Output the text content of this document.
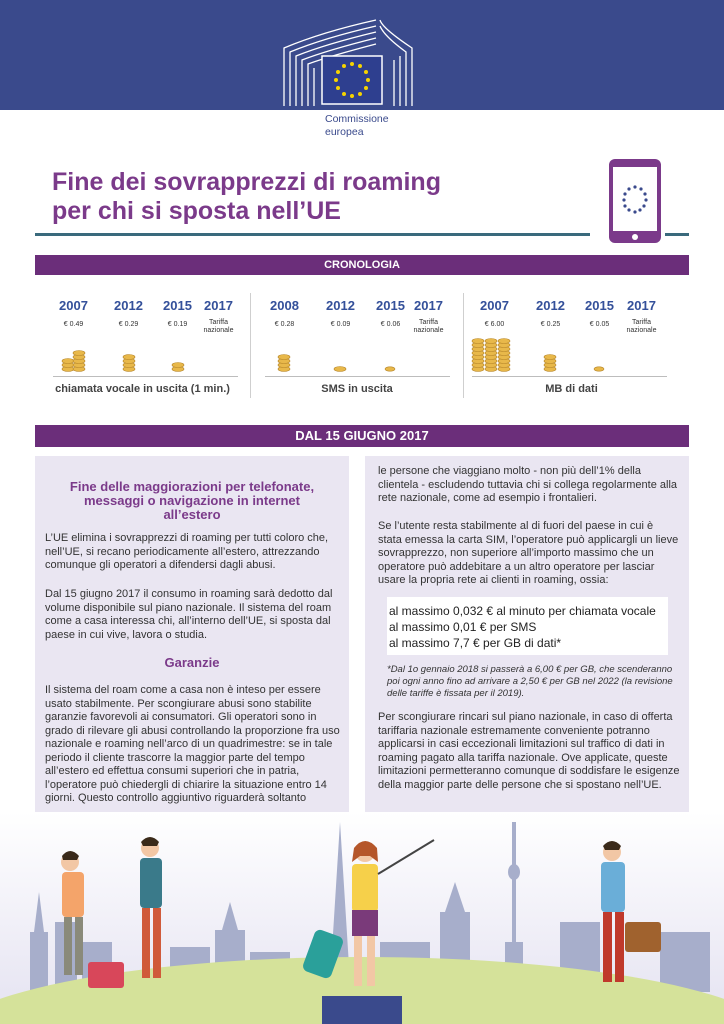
Commissione
europea
Fine dei sovrapprezzi di roaming
per chi si sposta nell’UE
CRONOLOGIA
2007	2012	2015 2017
€ 0.49	€ 0.29	€ 0.19	Tariffa nazionale
chiamata vocale in uscita (1 min.)
2008	2012	2015 2017
€ 0.28	€ 0.09	€ 0.06	Tariffa nazionale
SMS in uscita
2007	2012	2015	2017
€ 6.00	€ 0.25	€ 0.05	Tariffa nazionale
MB di dati
DAL 15 GIUGNO 2017
Fine delle maggiorazioni per telefonate,
messaggi o navigazione in internet
all’estero
L’UE elimina i sovrapprezzi di roaming per tutti coloro che, nell’UE, si recano periodicamente all’estero, attrezzando comunque gli operatori a difendersi dagli abusi.
Dal 15 giugno 2017 il consumo in roaming sarà dedotto dal volume disponibile sul piano nazionale. Il sistema del roam come a casa interessa chi, all’interno dell’UE, si sposta dal paese in cui vive, lavora o studia.
Garanzie
Il sistema del roam come a casa non è inteso per essere usato stabilmente. Per scongiurare abusi sono stabilite garanzie favorevoli ai consumatori. Gli operatori sono in grado di rilevare gli abusi controllando la proporzione fra uso nazionale e roaming nell’arco di un quadrimestre: se in tale periodo il cliente trascorre la maggior parte del tempo all’estero ed effettua consumi superiori che in patria, l’operatore può chiedergli di chiarire la situazione entro 14 giorni. Questo controllo aggiuntivo riguarderà soltanto
le persone che viaggiano molto - non più dell’1% della clientela - escludendo tuttavia chi si collega regolarmente alla rete nazionale, come ad esempio i frontalieri.
Se l’utente resta stabilmente al di fuori del paese in cui è stata emessa la carta SIM, l’operatore può applicargli un lieve sovrapprezzo, non superiore all’importo massimo che un operatore può addebitare a un altro operatore per lasciar usare la propria rete ai clienti in roaming, ossia:
al massimo 0,032 € al minuto per chiamata vocale
al massimo 0,01 € per SMS
al massimo 7,7 € per GB di dati*
*Dal 1o gennaio 2018 si passerà a 6,00 € per GB, che scenderanno poi ogni anno fino ad arrivare a 2,50 € per GB nel 2022 (la revisione delle tariffe è fissata per il 2019).
Per scongiurare rincari sul piano nazionale, in caso di offerta tariffaria nazionale estremamente conveniente potranno applicarsi in casi eccezionali limitazioni sul traffico di dati in roaming pagato alla tariffa nazionale. Ove applicate, queste limitazioni permetteranno comunque di soddisfare le esigenze della maggior parte delle persone che si spostano nell’UE.
